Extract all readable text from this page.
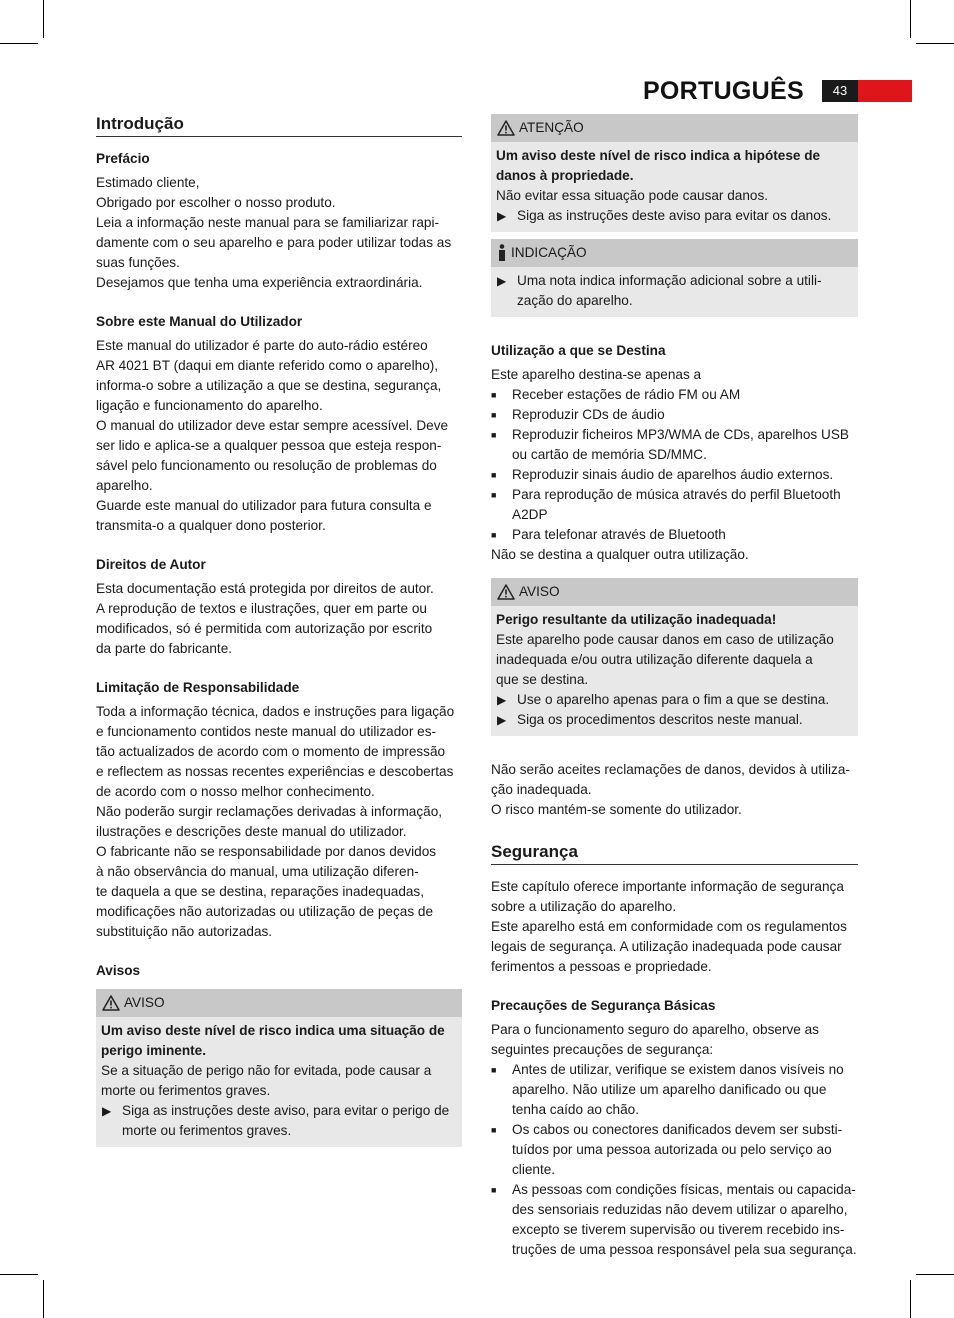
PORTUGUÊS	43
Introdução
Prefácio
Estimado cliente,
Obrigado por escolher o nosso produto.
Leia a informação neste manual para se familiarizar rapi-
damente com o seu aparelho e para poder utilizar todas as
suas funções.
Desejamos que tenha uma experiência extraordinária.
Sobre este Manual do Utilizador
Este manual do utilizador é parte do auto-rádio estéreo
AR 4021 BT (daqui em diante referido como o aparelho),
informa-o sobre a utilização a que se destina, segurança,
ligação e funcionamento do aparelho.
O manual do utilizador deve estar sempre acessível. Deve
ser lido e aplica-se a qualquer pessoa que esteja respon-
sável pelo funcionamento ou resolução de problemas do
aparelho.
Guarde este manual do utilizador para futura consulta e
transmita-o a qualquer dono posterior.
Direitos de Autor
Esta documentação está protegida por direitos de autor.
A reprodução de textos e ilustrações, quer em parte ou
modificados, só é permitida com autorização por escrito
da parte do fabricante.
Limitação de Responsabilidade
Toda a informação técnica, dados e instruções para ligação
e funcionamento contidos neste manual do utilizador es-
tão actualizados de acordo com o momento de impressão
e reflectem as nossas recentes experiências e descobertas
de acordo com o nosso melhor conhecimento.
Não poderão surgir reclamações derivadas à informação,
ilustrações e descrições deste manual do utilizador.
O fabricante não se responsabilidade por danos devidos
à não observância do manual, uma utilização diferen-
te daquela a que se destina, reparações inadequadas,
modificações não autorizadas ou utilização de peças de
substituição não autorizadas.
Avisos
AVISO
Um aviso deste nível de risco indica uma situação de
perigo iminente.
Se a situação de perigo não for evitada, pode causar a
morte ou ferimentos graves.
▶ Siga as instruções deste aviso, para evitar o perigo de
morte ou ferimentos graves.
ATENÇÃO
Um aviso deste nível de risco indica a hipótese de
danos à propriedade.
Não evitar essa situação pode causar danos.
▶ Siga as instruções deste aviso para evitar os danos.
INDICAÇÃO
▶ Uma nota indica informação adicional sobre a utili-
zação do aparelho.
Utilização a que se Destina
Este aparelho destina-se apenas a
■	Receber estações de rádio FM ou AM
■	Reproduzir CDs de áudio
■	Reproduzir ficheiros MP3/WMA de CDs, aparelhos USB
ou cartão de memória SD/MMC.
■	Reproduzir sinais áudio de aparelhos áudio externos.
■	Para reprodução de música através do perfil Bluetooth
A2DP
■	Para telefonar através de Bluetooth
Não se destina a qualquer outra utilização.
AVISO
Perigo resultante da utilização inadequada!
Este aparelho pode causar danos em caso de utilização
inadequada e/ou outra utilização diferente daquela a
que se destina.
▶ Use o aparelho apenas para o fim a que se destina.
▶ Siga os procedimentos descritos neste manual.
Não serão aceites reclamações de danos, devidos à utiliza-
ção inadequada.
O risco mantém-se somente do utilizador.
Segurança
Este capítulo oferece importante informação de segurança
sobre a utilização do aparelho.
Este aparelho está em conformidade com os regulamentos
legais de segurança. A utilização inadequada pode causar
ferimentos a pessoas e propriedade.
Precauções de Segurança Básicas
Para o funcionamento seguro do aparelho, observe as
seguintes precauções de segurança:
■	Antes de utilizar, verifique se existem danos visíveis no
aparelho. Não utilize um aparelho danificado ou que
tenha caído ao chão.
■	Os cabos ou conectores danificados devem ser substi-
tuídos por uma pessoa autorizada ou pelo serviço ao
cliente.
■	As pessoas com condições físicas, mentais ou capacida-
des sensoriais reduzidas não devem utilizar o aparelho,
excepto se tiverem supervisão ou tiverem recebido ins-
truções de uma pessoa responsável pela sua segurança.
